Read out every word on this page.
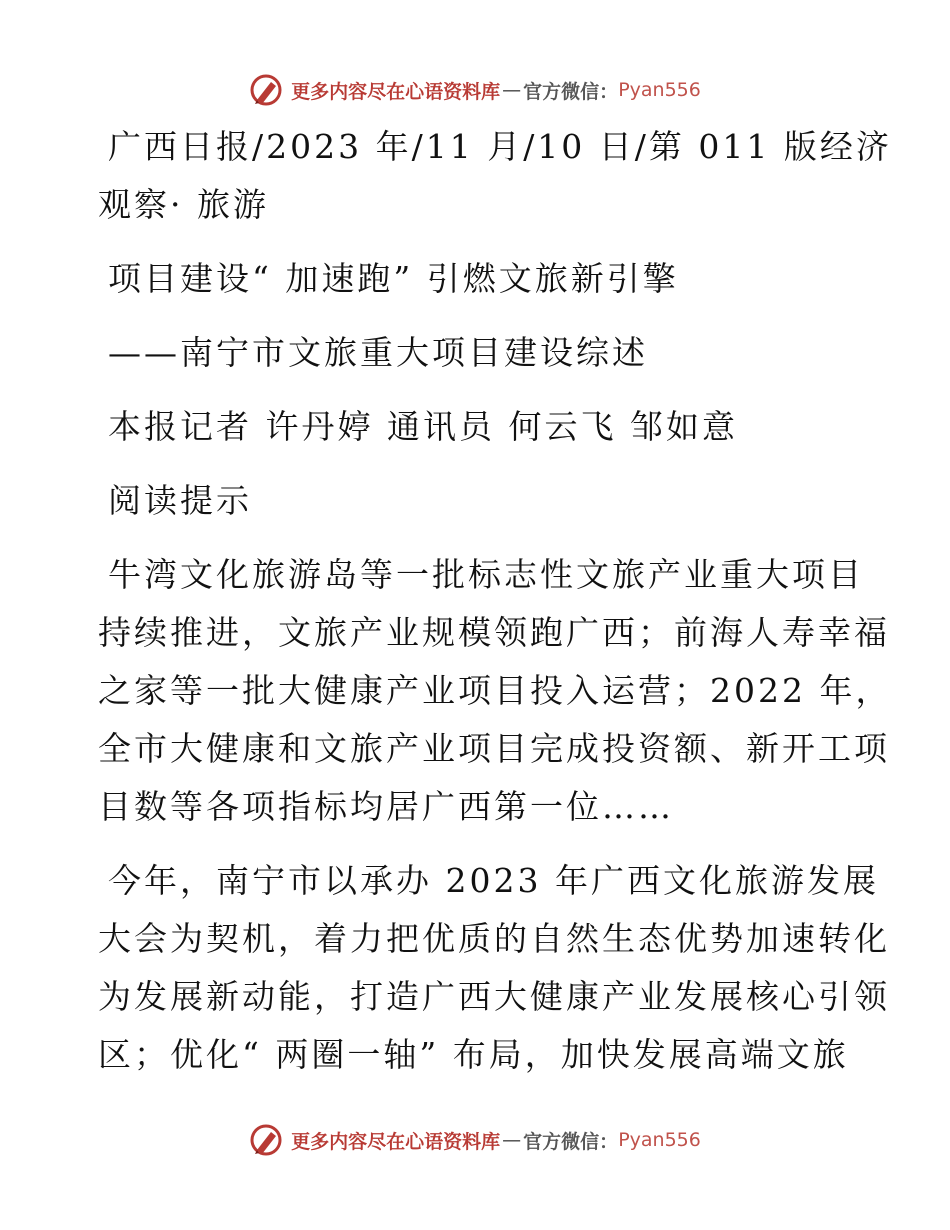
更多内容尽在心语资料库 — 官方微信： Pyan556
广西日报/2023 年/11 月/10 日/第 011 版经济
观察· 旅游
项目建设“ 加速跑” 引燃文旅新引擎
——南宁市文旅重大项目建设综述
本报记者 许丹婷 通讯员 何云飞 邹如意
阅读提示
牛湾文化旅游岛等一批标志性文旅产业重大项目
持续推进，文旅产业规模领跑广西；前海人寿幸福
之家等一批大健康产业项目投入运营；2022 年，
全市大健康和文旅产业项目完成投资额、新开工项
目数等各项指标均居广西第一位……
今年，南宁市以承办 2023 年广西文化旅游发展
大会为契机，着力把优质的自然生态优势加速转化
为发展新动能，打造广西大健康产业发展核心引领
区；优化“ 两圈一轴” 布局，加快发展高端文旅
更多内容尽在心语资料库 — 官方微信： Pyan556
